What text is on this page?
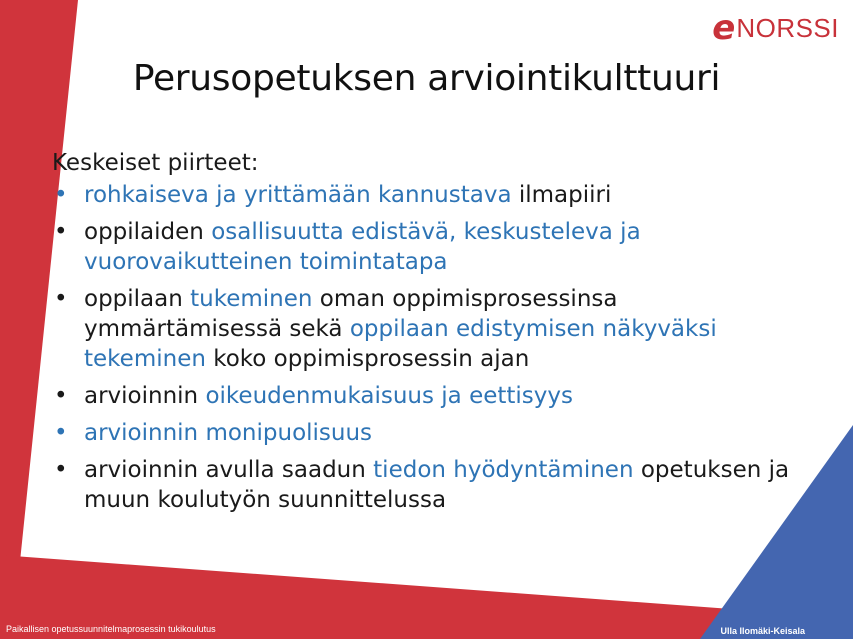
e NORSSI
Perusopetuksen arviointikulttuuri
Keskeiset piirteet:
• rohkaiseva ja yrittämään kannustava ilmapiiri
• oppilaiden osallisuutta edistävä, keskusteleva ja vuorovaikutteinen toimintatapa
• oppilaan tukeminen oman oppimisprosessinsa ymmärtämisessä sekä oppilaan edistymisen näkyväksi tekeminen koko oppimisprosessin ajan
• arvioinnin oikeudenmukaisuus ja eettisyys
• arvioinnin monipuolisuus
• arvioinnin avulla saadun tiedon hyödyntäminen opetuksen ja muun koulutyön suunnittelussa
Paikallisen opetussuunnitelmaprosessin tukikoulutus	Ulla Ilomäki-Keisala
